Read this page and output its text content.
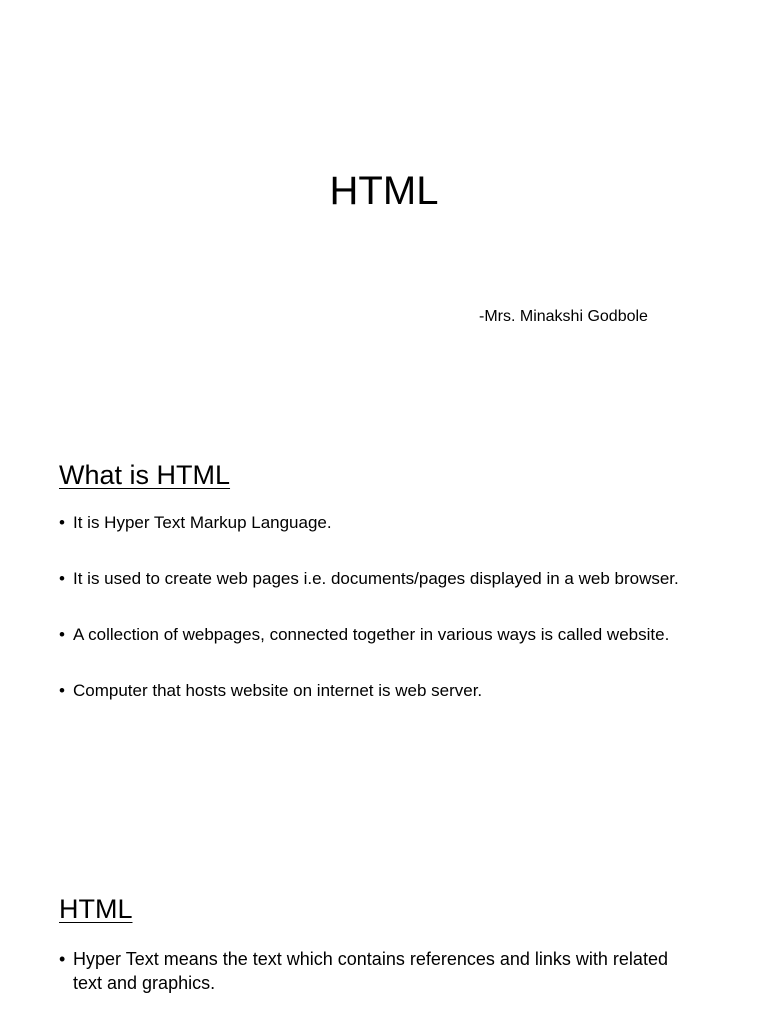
HTML
-Mrs. Minakshi Godbole
What is HTML
• It is Hyper Text Markup Language.
• It is used to create web pages i.e. documents/pages displayed in a web browser.
• A collection of webpages, connected together in various ways is called website.
• Computer that hosts website on internet is web server.
HTML
• Hyper Text means the text which contains references and links with related text and graphics.
